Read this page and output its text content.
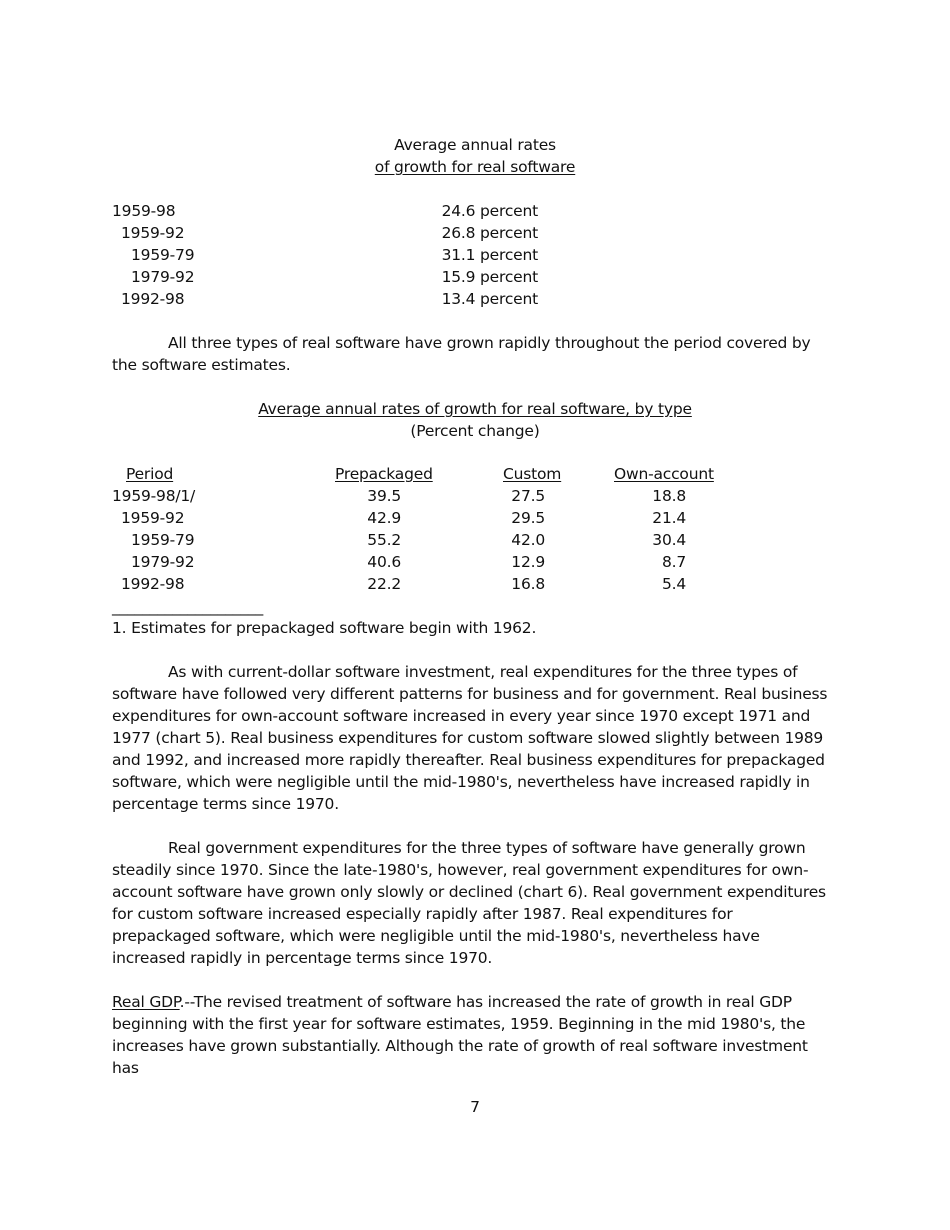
Average annual rates
of growth for real software
1959-98	24.6 percent
1959-92	26.8 percent
1959-79	31.1 percent
1979-92	15.9 percent
1992-98	13.4 percent

All three types of real software have grown rapidly throughout the period covered by the software estimates.

Average annual rates of growth for real software, by type
(Percent change)
Period	Prepackaged	Custom	Own-account
1959-98/1/	39.5	27.5	18.8
1959-92	42.9	29.5	21.4
1959-79	55.2	42.0	30.4
1979-92	40.6	12.9	8.7
1992-98	22.2	16.8	5.4
____________________
1. Estimates for prepackaged software begin with 1962.

As with current-dollar software investment, real expenditures for the three types of software have followed very different patterns for business and for government. Real business expenditures for own-account software increased in every year since 1970 except 1971 and 1977 (chart 5). Real business expenditures for custom software slowed slightly between 1989 and 1992, and increased more rapidly thereafter. Real business expenditures for prepackaged software, which were negligible until the mid-1980's, nevertheless have increased rapidly in percentage terms since 1970.

Real government expenditures for the three types of software have generally grown steadily since 1970. Since the late-1980's, however, real government expenditures for own-account software have grown only slowly or declined (chart 6). Real government expenditures for custom software increased especially rapidly after 1987. Real expenditures for prepackaged software, which were negligible until the mid-1980's, nevertheless have increased rapidly in percentage terms since 1970.

Real GDP.--The revised treatment of software has increased the rate of growth in real GDP beginning with the first year for software estimates, 1959. Beginning in the mid 1980's, the increases have grown substantially. Although the rate of growth of real software investment has

7
